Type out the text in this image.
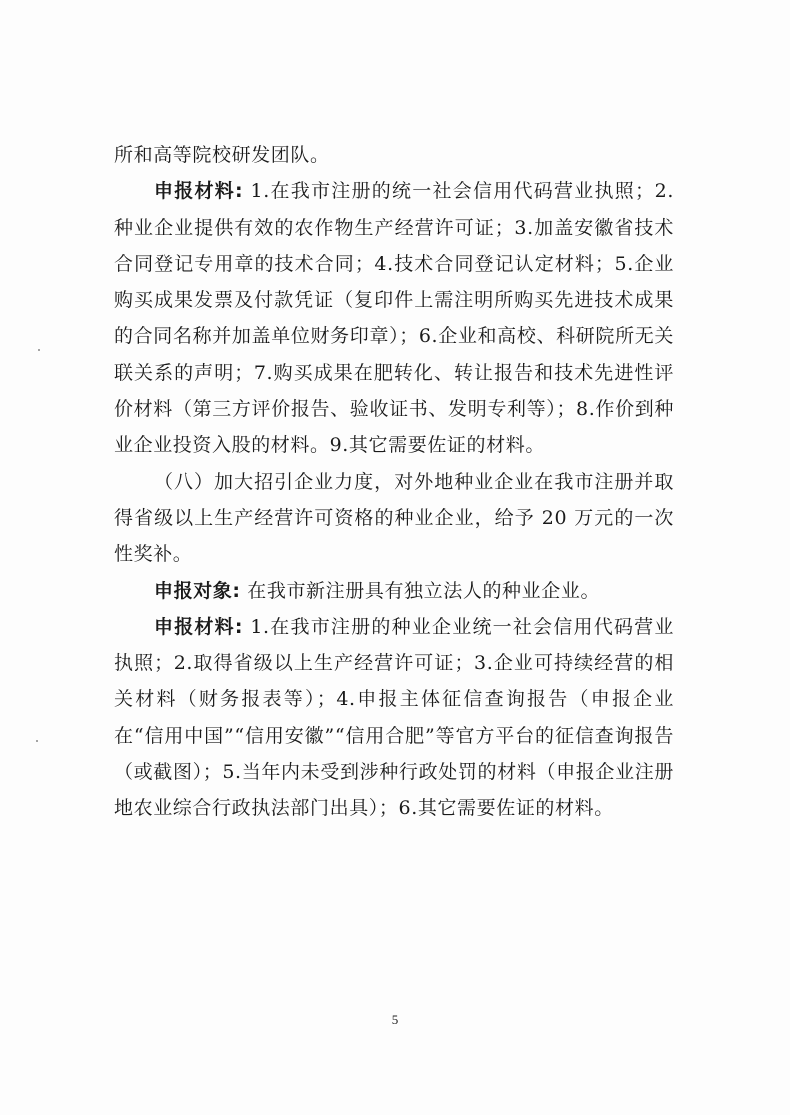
所和高等院校研发团队。

申报材料: 1.在我市注册的统一社会信用代码营业执照；2.种业企业提供有效的农作物生产经营许可证；3.加盖安徽省技术合同登记专用章的技术合同；4.技术合同登记认定材料；5.企业购买成果发票及付款凭证（复印件上需注明所购买先进技术成果的合同名称并加盖单位财务印章）；6.企业和高校、科研院所无关联关系的声明；7.购买成果在肥转化、转让报告和技术先进性评价材料（第三方评价报告、验收证书、发明专利等）；8.作价到种业企业投资入股的材料。9.其它需要佐证的材料。

（八）加大招引企业力度，对外地种业企业在我市注册并取得省级以上生产经营许可资格的种业企业，给予 20 万元的一次性奖补。

申报对象: 在我市新注册具有独立法人的种业企业。

申报材料: 1.在我市注册的种业企业统一社会信用代码营业执照；2.取得省级以上生产经营许可证；3.企业可持续经营的相关材料（财务报表等）；4.申报主体征信查询报告（申报企业在“信用中国”“信用安徽”“信用合肥”等官方平台的征信查询报告（或截图）；5.当年内未受到涉种行政处罚的材料（申报企业注册地农业综合行政执法部门出具）；6.其它需要佐证的材料。

5
